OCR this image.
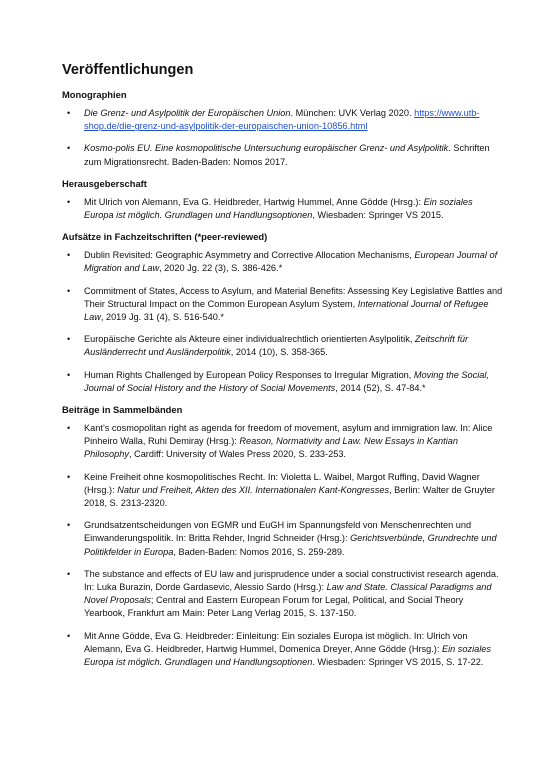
Veröffentlichungen
Monographien
• Die Grenz- und Asylpolitik der Europäischen Union. München: UVK Verlag 2020. https://www.utb-shop.de/die-grenz-und-asylpolitik-der-europaischen-union-10856.html
• Kosmo-polis EU. Eine kosmopolitische Untersuchung europäischer Grenz- und Asylpolitik. Schriften zum Migrationsrecht. Baden-Baden: Nomos 2017.
Herausgeberschaft
• Mit Ulrich von Alemann, Eva G. Heidbreder, Hartwig Hummel, Anne Gödde (Hrsg.): Ein soziales Europa ist möglich. Grundlagen und Handlungsoptionen, Wiesbaden: Springer VS 2015.
Aufsätze in Fachzeitschriften (*peer-reviewed)
• Dublin Revisited: Geographic Asymmetry and Corrective Allocation Mechanisms, European Journal of Migration and Law, 2020 Jg. 22 (3), S. 386-426.*
• Commitment of States, Access to Asylum, and Material Benefits: Assessing Key Legislative Battles and Their Structural Impact on the Common European Asylum System, International Journal of Refugee Law, 2019 Jg. 31 (4), S. 516-540.*
• Europäische Gerichte als Akteure einer individualrechtlich orientierten Asylpolitik, Zeitschrift für Ausländerrecht und Ausländerpolitik, 2014 (10), S. 358-365.
• Human Rights Challenged by European Policy Responses to Irregular Migration, Moving the Social, Journal of Social History and the History of Social Movements, 2014 (52), S. 47-84.*
Beiträge in Sammelbänden
• Kant’s cosmopolitan right as agenda for freedom of movement, asylum and immigration law. In: Alice Pinheiro Walla, Ruhi Demiray (Hrsg.): Reason, Normativity and Law. New Essays in Kantian Philosophy, Cardiff: University of Wales Press 2020, S. 233-253.
• Keine Freiheit ohne kosmopolitisches Recht. In: Violetta L. Waibel, Margot Ruffing, David Wagner (Hrsg.): Natur und Freiheit, Akten des XII. Internationalen Kant-Kongresses, Berlin: Walter de Gruyter 2018, S. 2313-2320.
• Grundsatzentscheidungen von EGMR und EuGH im Spannungsfeld von Menschenrechten und Einwanderungspolitik. In: Britta Rehder, Ingrid Schneider (Hrsg.): Gerichtsverbünde, Grundrechte und Politikfelder in Europa, Baden-Baden: Nomos 2016, S. 259-289.
• The substance and effects of EU law and jurisprudence under a social constructivist research agenda. In: Luka Burazin, Dorde Gardasevic, Alessio Sardo (Hrsg.): Law and State. Classical Paradigms and Novel Proposals; Central and Eastern European Forum for Legal, Political, and Social Theory Yearbook, Frankfurt am Main: Peter Lang Verlag 2015, S. 137-150.
• Mit Anne Gödde, Eva G. Heidbreder: Einleitung: Ein soziales Europa ist möglich. In: Ulrich von Alemann, Eva G. Heidbreder, Hartwig Hummel, Domenica Dreyer, Anne Gödde (Hrsg.): Ein soziales Europa ist möglich. Grundlagen und Handlungsoptionen. Wiesbaden: Springer VS 2015, S. 17-22.
